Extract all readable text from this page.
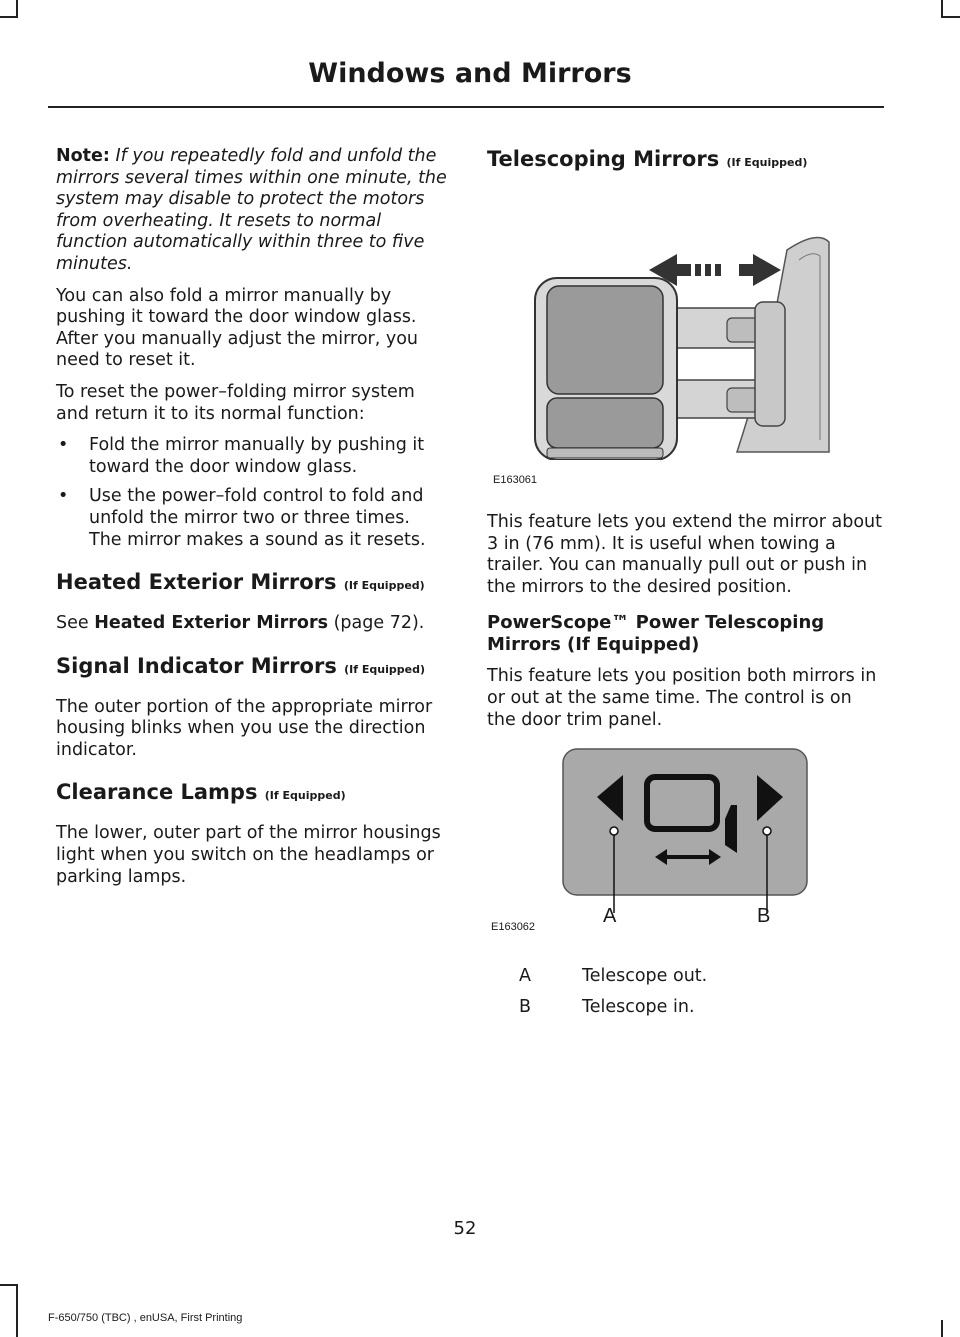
Windows and Mirrors

Note: If you repeatedly fold and unfold the mirrors several times within one minute, the system may disable to protect the motors from overheating. It resets to normal function automatically within three to five minutes.

You can also fold a mirror manually by pushing it toward the door window glass. After you manually adjust the mirror, you need to reset it.

To reset the power–folding mirror system and return it to its normal function:

• Fold the mirror manually by pushing it toward the door window glass.
• Use the power–fold control to fold and unfold the mirror two or three times. The mirror makes a sound as it resets.
Heated Exterior Mirrors (If Equipped)

See Heated Exterior Mirrors (page 72).

Signal Indicator Mirrors (If Equipped)

The outer portion of the appropriate mirror housing blinks when you use the direction indicator.

Clearance Lamps (If Equipped)

The lower, outer part of the mirror housings light when you switch on the headlamps or parking lamps.

Telescoping Mirrors (If Equipped)
E163061

This feature lets you extend the mirror about 3 in (76 mm). It is useful when towing a trailer. You can manually pull out or push in the mirrors to the desired position.

PowerScope™ Power Telescoping Mirrors (If Equipped)

This feature lets you position both mirrors in or out at the same time. The control is on the door trim panel.

A	B
E163062
A	Telescope out.
B	Telescope in.
52
F-650/750 (TBC) , enUSA, First Printing
